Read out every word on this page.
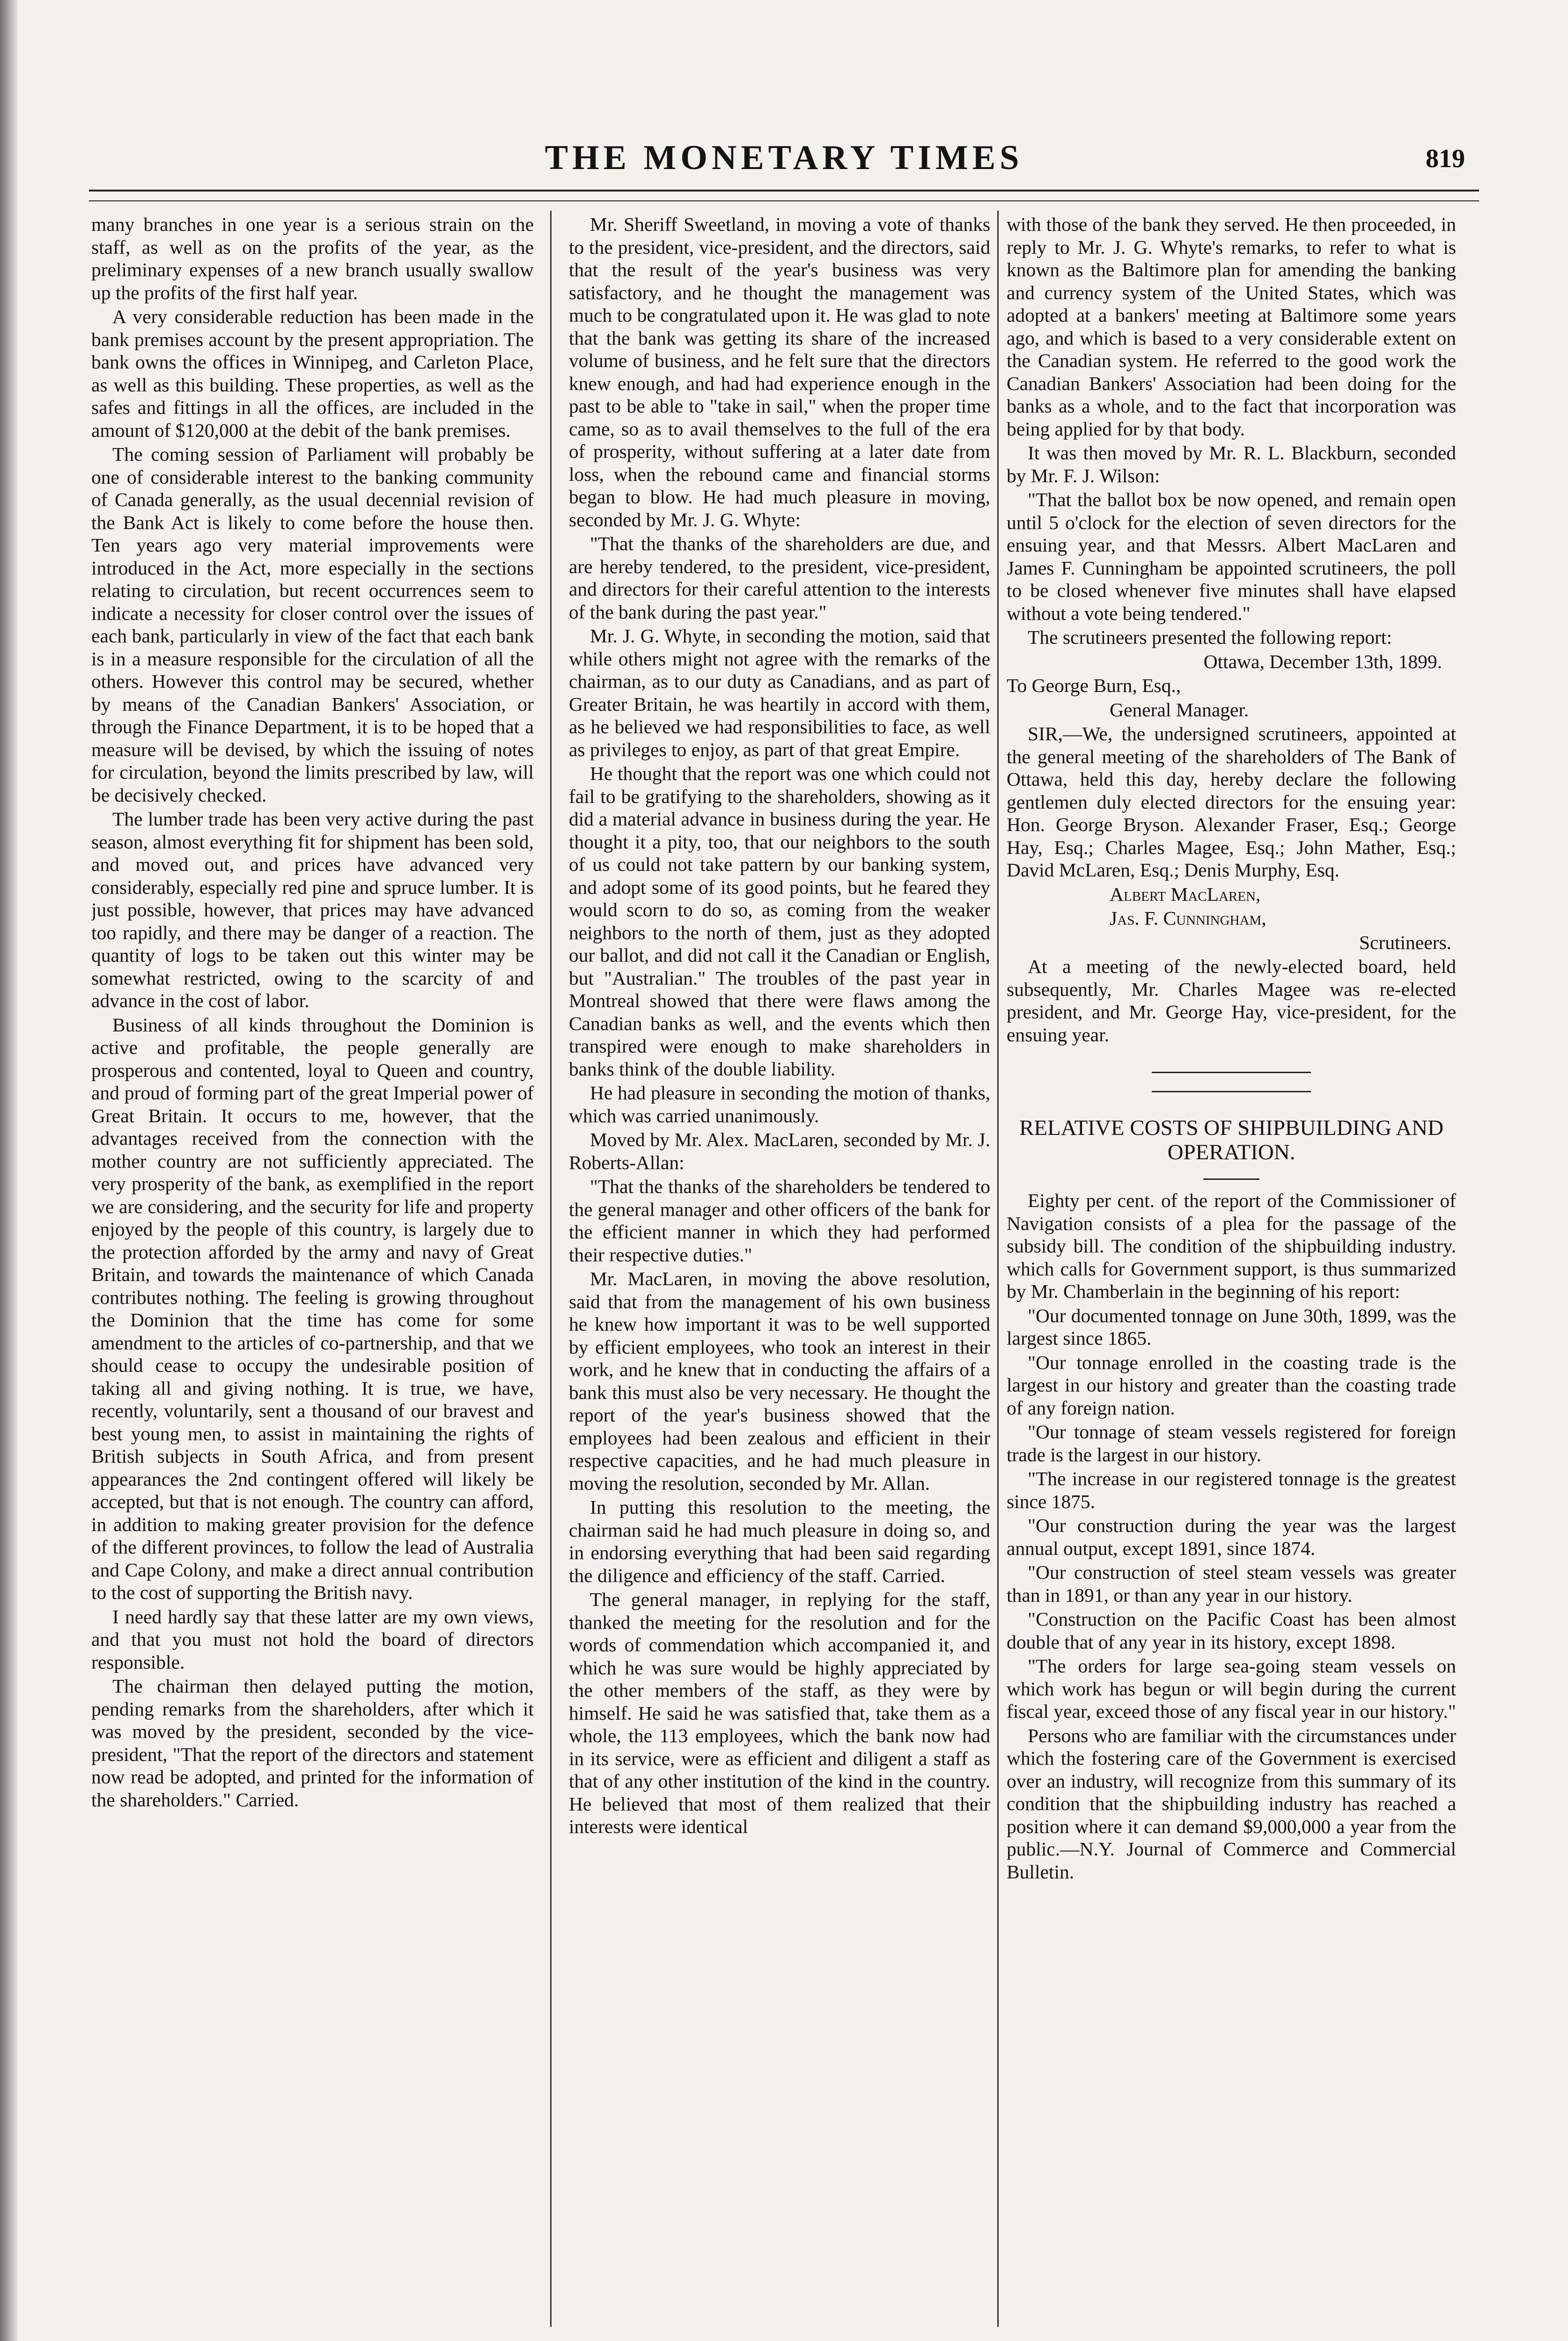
THE MONETARY TIMES	819

many branches in one year is a serious strain on the staff, as well as on the profits of the year, as the preliminary expenses of a new branch usually swallow up the profits of the first half year.

A very considerable reduction has been made in the bank premises account by the present appropriation. The bank owns the offices in Winnipeg, and Carleton Place, as well as this building. These properties, as well as the safes and fittings in all the offices, are included in the amount of $120,000 at the debit of the bank premises.

The coming session of Parliament will probably be one of considerable interest to the banking community of Canada generally, as the usual decennial revision of the Bank Act is likely to come before the house then. Ten years ago very material improvements were introduced in the Act, more especially in the sections relating to circulation, but recent occurrences seem to indicate a necessity for closer control over the issues of each bank, particularly in view of the fact that each bank is in a measure responsible for the circulation of all the others. However this control may be secured, whether by means of the Canadian Bankers' Association, or through the Finance Department, it is to be hoped that a measure will be devised, by which the issuing of notes for circulation, beyond the limits prescribed by law, will be decisively checked.

The lumber trade has been very active during the past season, almost everything fit for shipment has been sold, and moved out, and prices have advanced very considerably, especially red pine and spruce lumber. It is just possible, however, that prices may have advanced too rapidly, and there may be danger of a reaction. The quantity of logs to be taken out this winter may be somewhat restricted, owing to the scarcity of and advance in the cost of labor.

Business of all kinds throughout the Dominion is active and profitable, the people generally are prosperous and contented, loyal to Queen and country, and proud of forming part of the great Imperial power of Great Britain. It occurs to me, however, that the advantages received from the connection with the mother country are not sufficiently appreciated. The very prosperity of the bank, as exemplified in the report we are considering, and the security for life and property enjoyed by the people of this country, is largely due to the protection afforded by the army and navy of Great Britain, and towards the maintenance of which Canada contributes nothing. The feeling is growing throughout the Dominion that the time has come for some amendment to the articles of co-partnership, and that we should cease to occupy the undesirable position of taking all and giving nothing. It is true, we have, recently, voluntarily, sent a thousand of our bravest and best young men, to assist in maintaining the rights of British subjects in South Africa, and from present appearances the 2nd contingent offered will likely be accepted, but that is not enough. The country can afford, in addition to making greater provision for the defence of the different provinces, to follow the lead of Australia and Cape Colony, and make a direct annual contribution to the cost of supporting the British navy.

I need hardly say that these latter are my own views, and that you must not hold the board of directors responsible.

The chairman then delayed putting the motion, pending remarks from the shareholders, after which it was moved by the president, seconded by the vice-president, "That the report of the directors and statement now read be adopted, and printed for the information of the shareholders." Carried.

Mr. Sheriff Sweetland, in moving a vote of thanks to the president, vice-president, and the directors, said that the result of the year's business was very satisfactory, and he thought the management was much to be congratulated upon it. He was glad to note that the bank was getting its share of the increased volume of business, and he felt sure that the directors knew enough, and had had experience enough in the past to be able to "take in sail," when the proper time came, so as to avail themselves to the full of the era of prosperity, without suffering at a later date from loss, when the rebound came and financial storms began to blow. He had much pleasure in moving, seconded by Mr. J. G. Whyte:

"That the thanks of the shareholders are due, and are hereby tendered, to the president, vice-president, and directors for their careful attention to the interests of the bank during the past year."

Mr. J. G. Whyte, in seconding the motion, said that while others might not agree with the remarks of the chairman, as to our duty as Canadians, and as part of Greater Britain, he was heartily in accord with them, as he believed we had responsibilities to face, as well as privileges to enjoy, as part of that great Empire.

He thought that the report was one which could not fail to be gratifying to the shareholders, showing as it did a material advance in business during the year. He thought it a pity, too, that our neighbors to the south of us could not take pattern by our banking system, and adopt some of its good points, but he feared they would scorn to do so, as coming from the weaker neighbors to the north of them, just as they adopted our ballot, and did not call it the Canadian or English, but "Australian." The troubles of the past year in Montreal showed that there were flaws among the Canadian banks as well, and the events which then transpired were enough to make shareholders in banks think of the double liability.

He had pleasure in seconding the motion of thanks, which was carried unanimously.

Moved by Mr. Alex. MacLaren, seconded by Mr. J. Roberts-Allan:

"That the thanks of the shareholders be tendered to the general manager and other officers of the bank for the efficient manner in which they had performed their respective duties."

Mr. MacLaren, in moving the above resolution, said that from the management of his own business he knew how important it was to be well supported by efficient employees, who took an interest in their work, and he knew that in conducting the affairs of a bank this must also be very necessary. He thought the report of the year's business showed that the employees had been zealous and efficient in their respective capacities, and he had much pleasure in moving the resolution, seconded by Mr. Allan.

In putting this resolution to the meeting, the chairman said he had much pleasure in doing so, and in endorsing everything that had been said regarding the diligence and efficiency of the staff. Carried.

The general manager, in replying for the staff, thanked the meeting for the resolution and for the words of commendation which accompanied it, and which he was sure would be highly appreciated by the other members of the staff, as they were by himself. He said he was satisfied that, take them as a whole, the 113 employees, which the bank now had in its service, were as efficient and diligent a staff as that of any other institution of the kind in the country. He believed that most of them realized that their interests were identical

with those of the bank they served. He then proceeded, in reply to Mr. J. G. Whyte's remarks, to refer to what is known as the Baltimore plan for amending the banking and currency system of the United States, which was adopted at a bankers' meeting at Baltimore some years ago, and which is based to a very considerable extent on the Canadian system. He referred to the good work the Canadian Bankers' Association had been doing for the banks as a whole, and to the fact that incorporation was being applied for by that body.

It was then moved by Mr. R. L. Blackburn, seconded by Mr. F. J. Wilson:

"That the ballot box be now opened, and remain open until 5 o'clock for the election of seven directors for the ensuing year, and that Messrs. Albert MacLaren and James F. Cunningham be appointed scrutineers, the poll to be closed whenever five minutes shall have elapsed without a vote being tendered."

The scrutineers presented the following report:

Ottawa, December 13th, 1899.

To George Burn, Esq.,

General Manager.

SIR,—We, the undersigned scrutineers, appointed at the general meeting of the shareholders of The Bank of Ottawa, held this day, hereby declare the following gentlemen duly elected directors for the ensuing year: Hon. George Bryson. Alexander Fraser, Esq.; George Hay, Esq.; Charles Magee, Esq.; John Mather, Esq.; David McLaren, Esq.; Denis Murphy, Esq.

Albert MacLaren,

Jas. F. Cunningham,

Scrutineers.

At a meeting of the newly-elected board, held subsequently, Mr. Charles Magee was re-elected president, and Mr. George Hay, vice-president, for the ensuing year.

RELATIVE COSTS OF SHIPBUILDING AND OPERATION.

Eighty per cent. of the report of the Commissioner of Navigation consists of a plea for the passage of the subsidy bill. The condition of the shipbuilding industry. which calls for Government support, is thus summarized by Mr. Chamberlain in the beginning of his report:

"Our documented tonnage on June 30th, 1899, was the largest since 1865.

"Our tonnage enrolled in the coasting trade is the largest in our history and greater than the coasting trade of any foreign nation.

"Our tonnage of steam vessels registered for foreign trade is the largest in our history.

"The increase in our registered tonnage is the greatest since 1875.

"Our construction during the year was the largest annual output, except 1891, since 1874.

"Our construction of steel steam vessels was greater than in 1891, or than any year in our history.

"Construction on the Pacific Coast has been almost double that of any year in its history, except 1898.

"The orders for large sea-going steam vessels on which work has begun or will begin during the current fiscal year, exceed those of any fiscal year in our history."

Persons who are familiar with the circumstances under which the fostering care of the Government is exercised over an industry, will recognize from this summary of its condition that the shipbuilding industry has reached a position where it can demand $9,000,000 a year from the public.—N.Y. Journal of Commerce and Commercial Bulletin.
